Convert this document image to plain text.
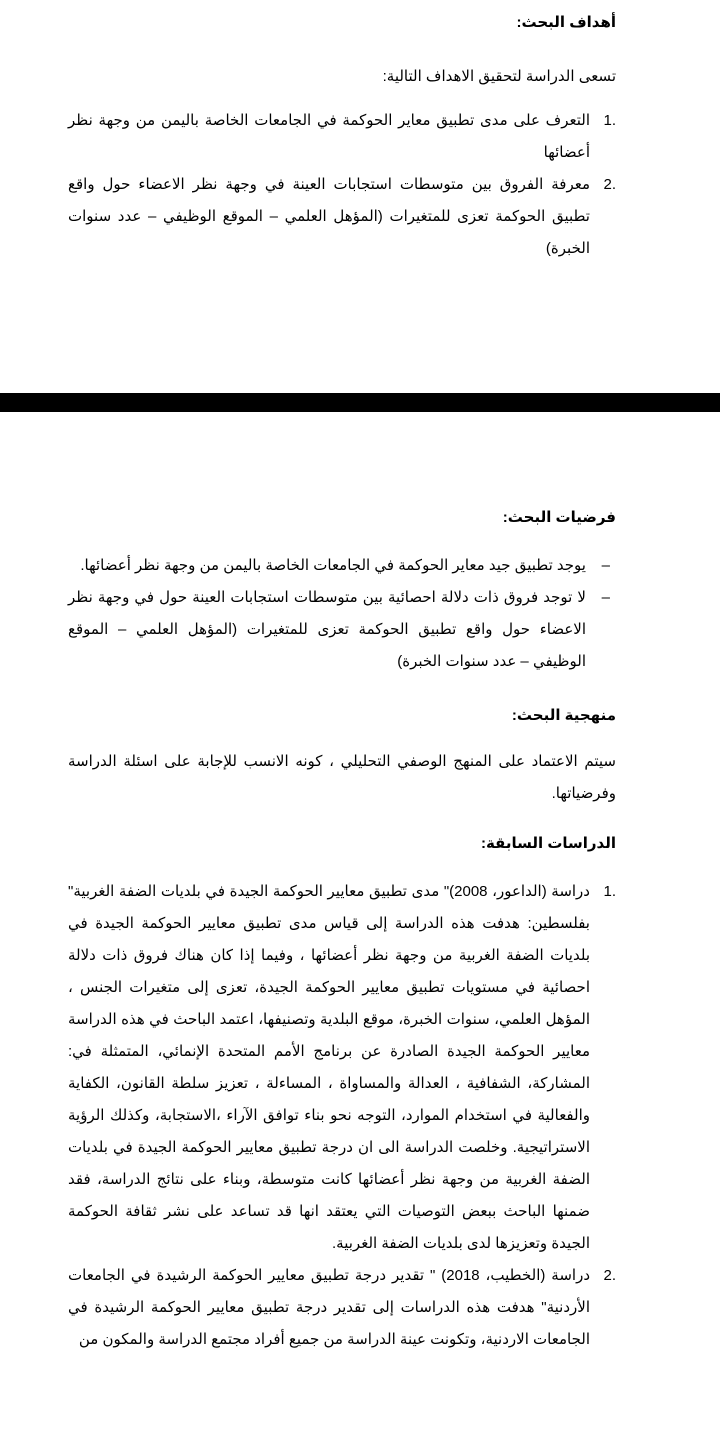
أهداف البحث:

تسعى الدراسة لتحقيق الاهداف التالية:

.1
التعرف على مدى تطبيق معاير الحوكمة في الجامعات الخاصة باليمن من وجهة نظر أعضائها
.2
معرفة الفروق بين متوسطات استجابات العينة في وجهة نظر الاعضاء حول واقع تطبيق الحوكمة تعزى للمتغيرات (المؤهل العلمي – الموقع الوظيفي – عدد سنوات الخبرة)

فرضيات البحث:

–
يوجد تطبيق جيد معاير الحوكمة في الجامعات الخاصة باليمن من وجهة نظر أعضائها.
–
لا توجد فروق ذات دلالة احصائية بين متوسطات استجابات العينة حول في وجهة نظر الاعضاء حول واقع تطبيق الحوكمة تعزى للمتغيرات (المؤهل العلمي – الموقع الوظيفي – عدد سنوات الخبرة)

منهجية البحث:

سيتم الاعتماد على المنهج الوصفي التحليلي ، كونه الانسب للإجابة على اسئلة الدراسة وفرضياتها.

الدراسات السابقة:

.1
دراسة (الداعور، 2008)" مدى تطبيق معايير الحوكمة الجيدة في بلديات الضفة الغربية" بفلسطين: هدفت هذه الدراسة إلى قياس مدى تطبيق معايير الحوكمة الجيدة في بلديات الضفة الغربية من وجهة نظر أعضائها ، وفيما إذا كان هناك فروق ذات دلالة احصائية في مستويات تطبيق معايير الحوكمة الجيدة، تعزى إلى متغيرات الجنس ، المؤهل العلمي، سنوات الخبرة، موقع البلدية وتصنيفها، اعتمد الباحث في هذه الدراسة معايير الحوكمة الجيدة الصادرة عن برنامج الأمم المتحدة الإنمائي، المتمثلة في: المشاركة، الشفافية ، العدالة والمساواة ، المساءلة ، تعزيز سلطة القانون، الكفاية والفعالية في استخدام الموارد، التوجه نحو بناء توافق الآراء ،الاستجابة، وكذلك الرؤية الاستراتيجية. وخلصت الدراسة الى ان درجة تطبيق معايير الحوكمة الجيدة في بلديات الضفة الغربية من وجهة نظر أعضائها كانت متوسطة، وبناء على نتائج الدراسة، فقد ضمنها الباحث ببعض التوصيات التي يعتقد انها قد تساعد على نشر ثقافة الحوكمة الجيدة وتعزيزها لدى بلديات الضفة الغربية.
.2
دراسة (الخطيب، 2018) " تقدير درجة تطبيق معايير الحوكمة الرشيدة في الجامعات الأردنية" هدفت هذه الدراسات إلى تقدير درجة تطبيق معايير الحوكمة الرشيدة في الجامعات الاردنية، وتكونت عينة الدراسة من جميع أفراد مجتمع الدراسة والمكون من
